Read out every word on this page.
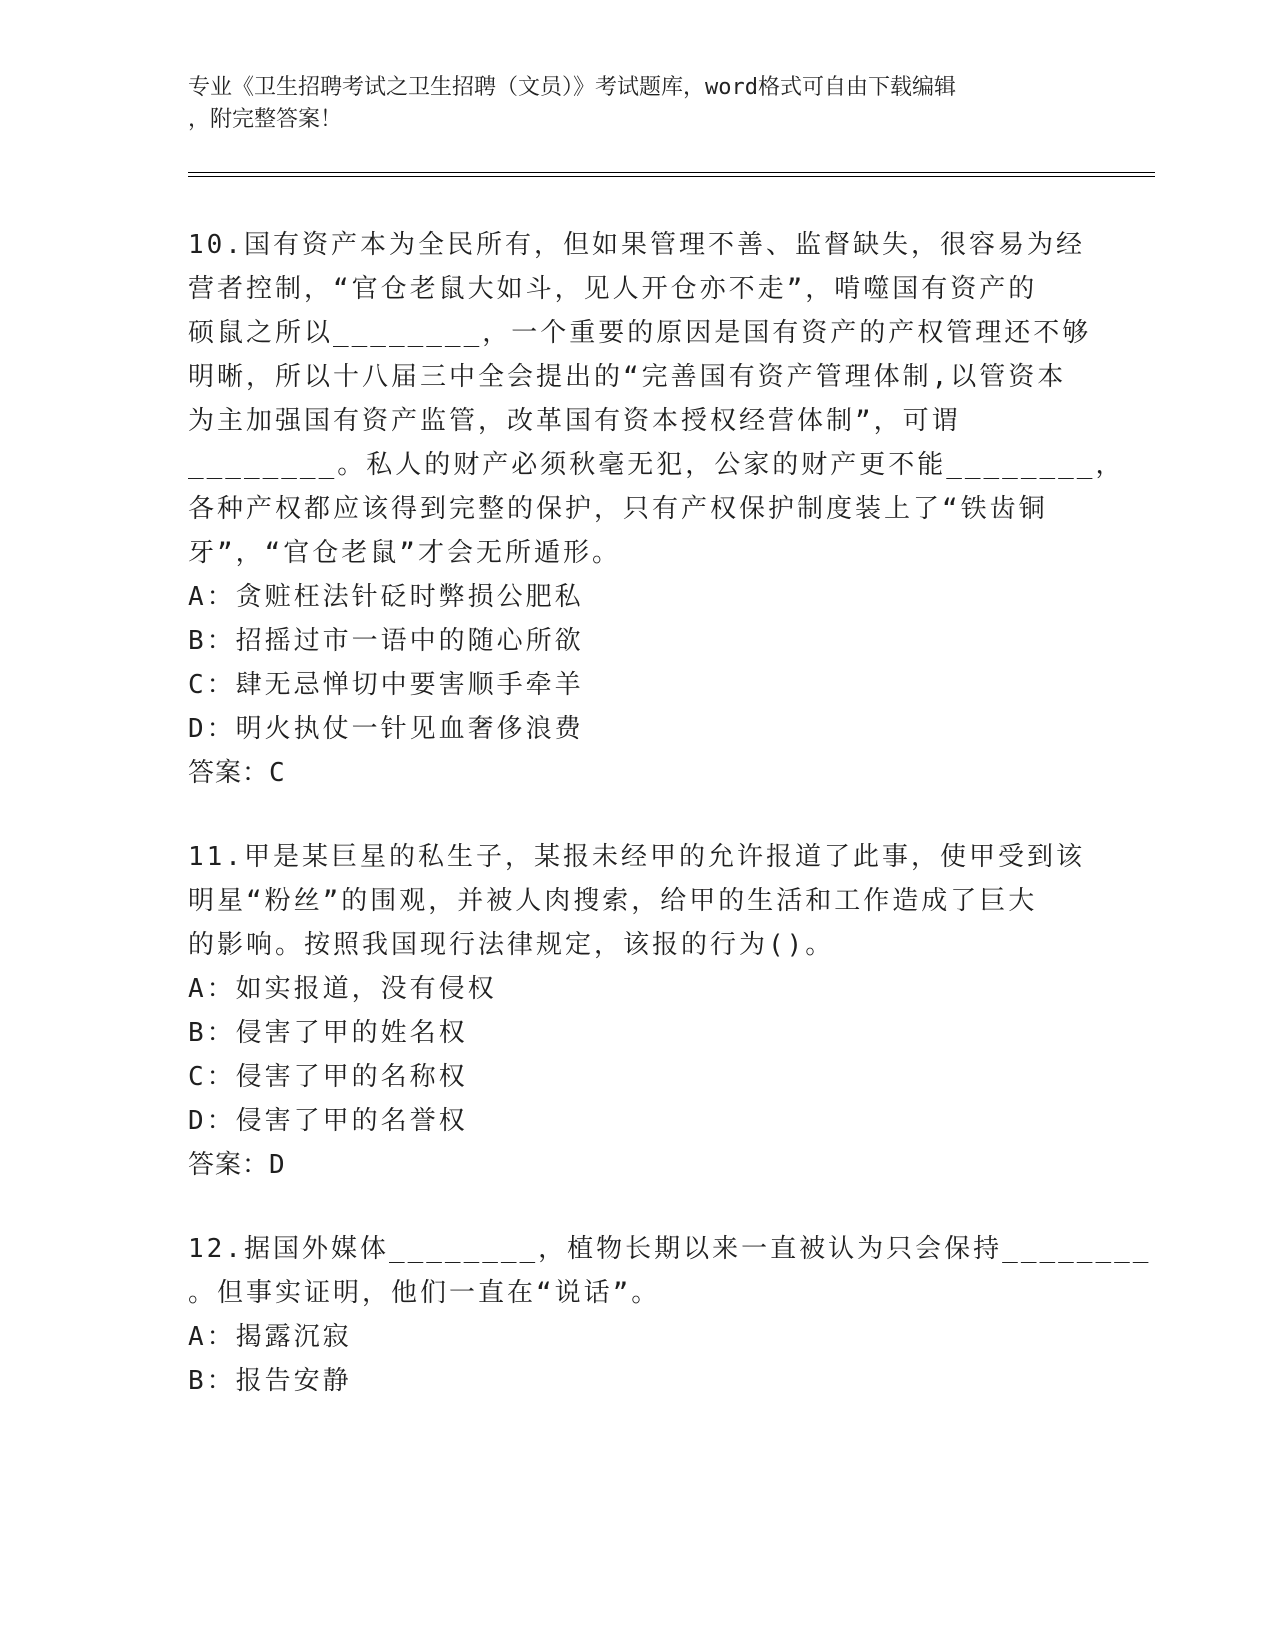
专业《卫生招聘考试之卫生招聘（文员）》考试题库，word格式可自由下载编辑
，附完整答案！
10.国有资产本为全民所有，但如果管理不善、监督缺失，很容易为经
营者控制，“官仓老鼠大如斗，见人开仓亦不走”，啃噬国有资产的
硕鼠之所以________，一个重要的原因是国有资产的产权管理还不够
明晰，所以十八届三中全会提出的“完善国有资产管理体制,以管资本
为主加强国有资产监管，改革国有资本授权经营体制”，可谓
________。私人的财产必须秋毫无犯，公家的财产更不能________，
各种产权都应该得到完整的保护，只有产权保护制度装上了“铁齿铜
牙”，“官仓老鼠”才会无所遁形。
A：贪赃枉法针砭时弊损公肥私
B：招摇过市一语中的随心所欲
C：肆无忌惮切中要害顺手牵羊
D：明火执仗一针见血奢侈浪费
答案：C
11.甲是某巨星的私生子，某报未经甲的允许报道了此事，使甲受到该
明星“粉丝”的围观，并被人肉搜索，给甲的生活和工作造成了巨大
的影响。按照我国现行法律规定，该报的行为()。
A：如实报道，没有侵权
B：侵害了甲的姓名权
C：侵害了甲的名称权
D：侵害了甲的名誉权
答案：D
12.据国外媒体________，植物长期以来一直被认为只会保持________
。但事实证明，他们一直在“说话”。
A：揭露沉寂
B：报告安静
